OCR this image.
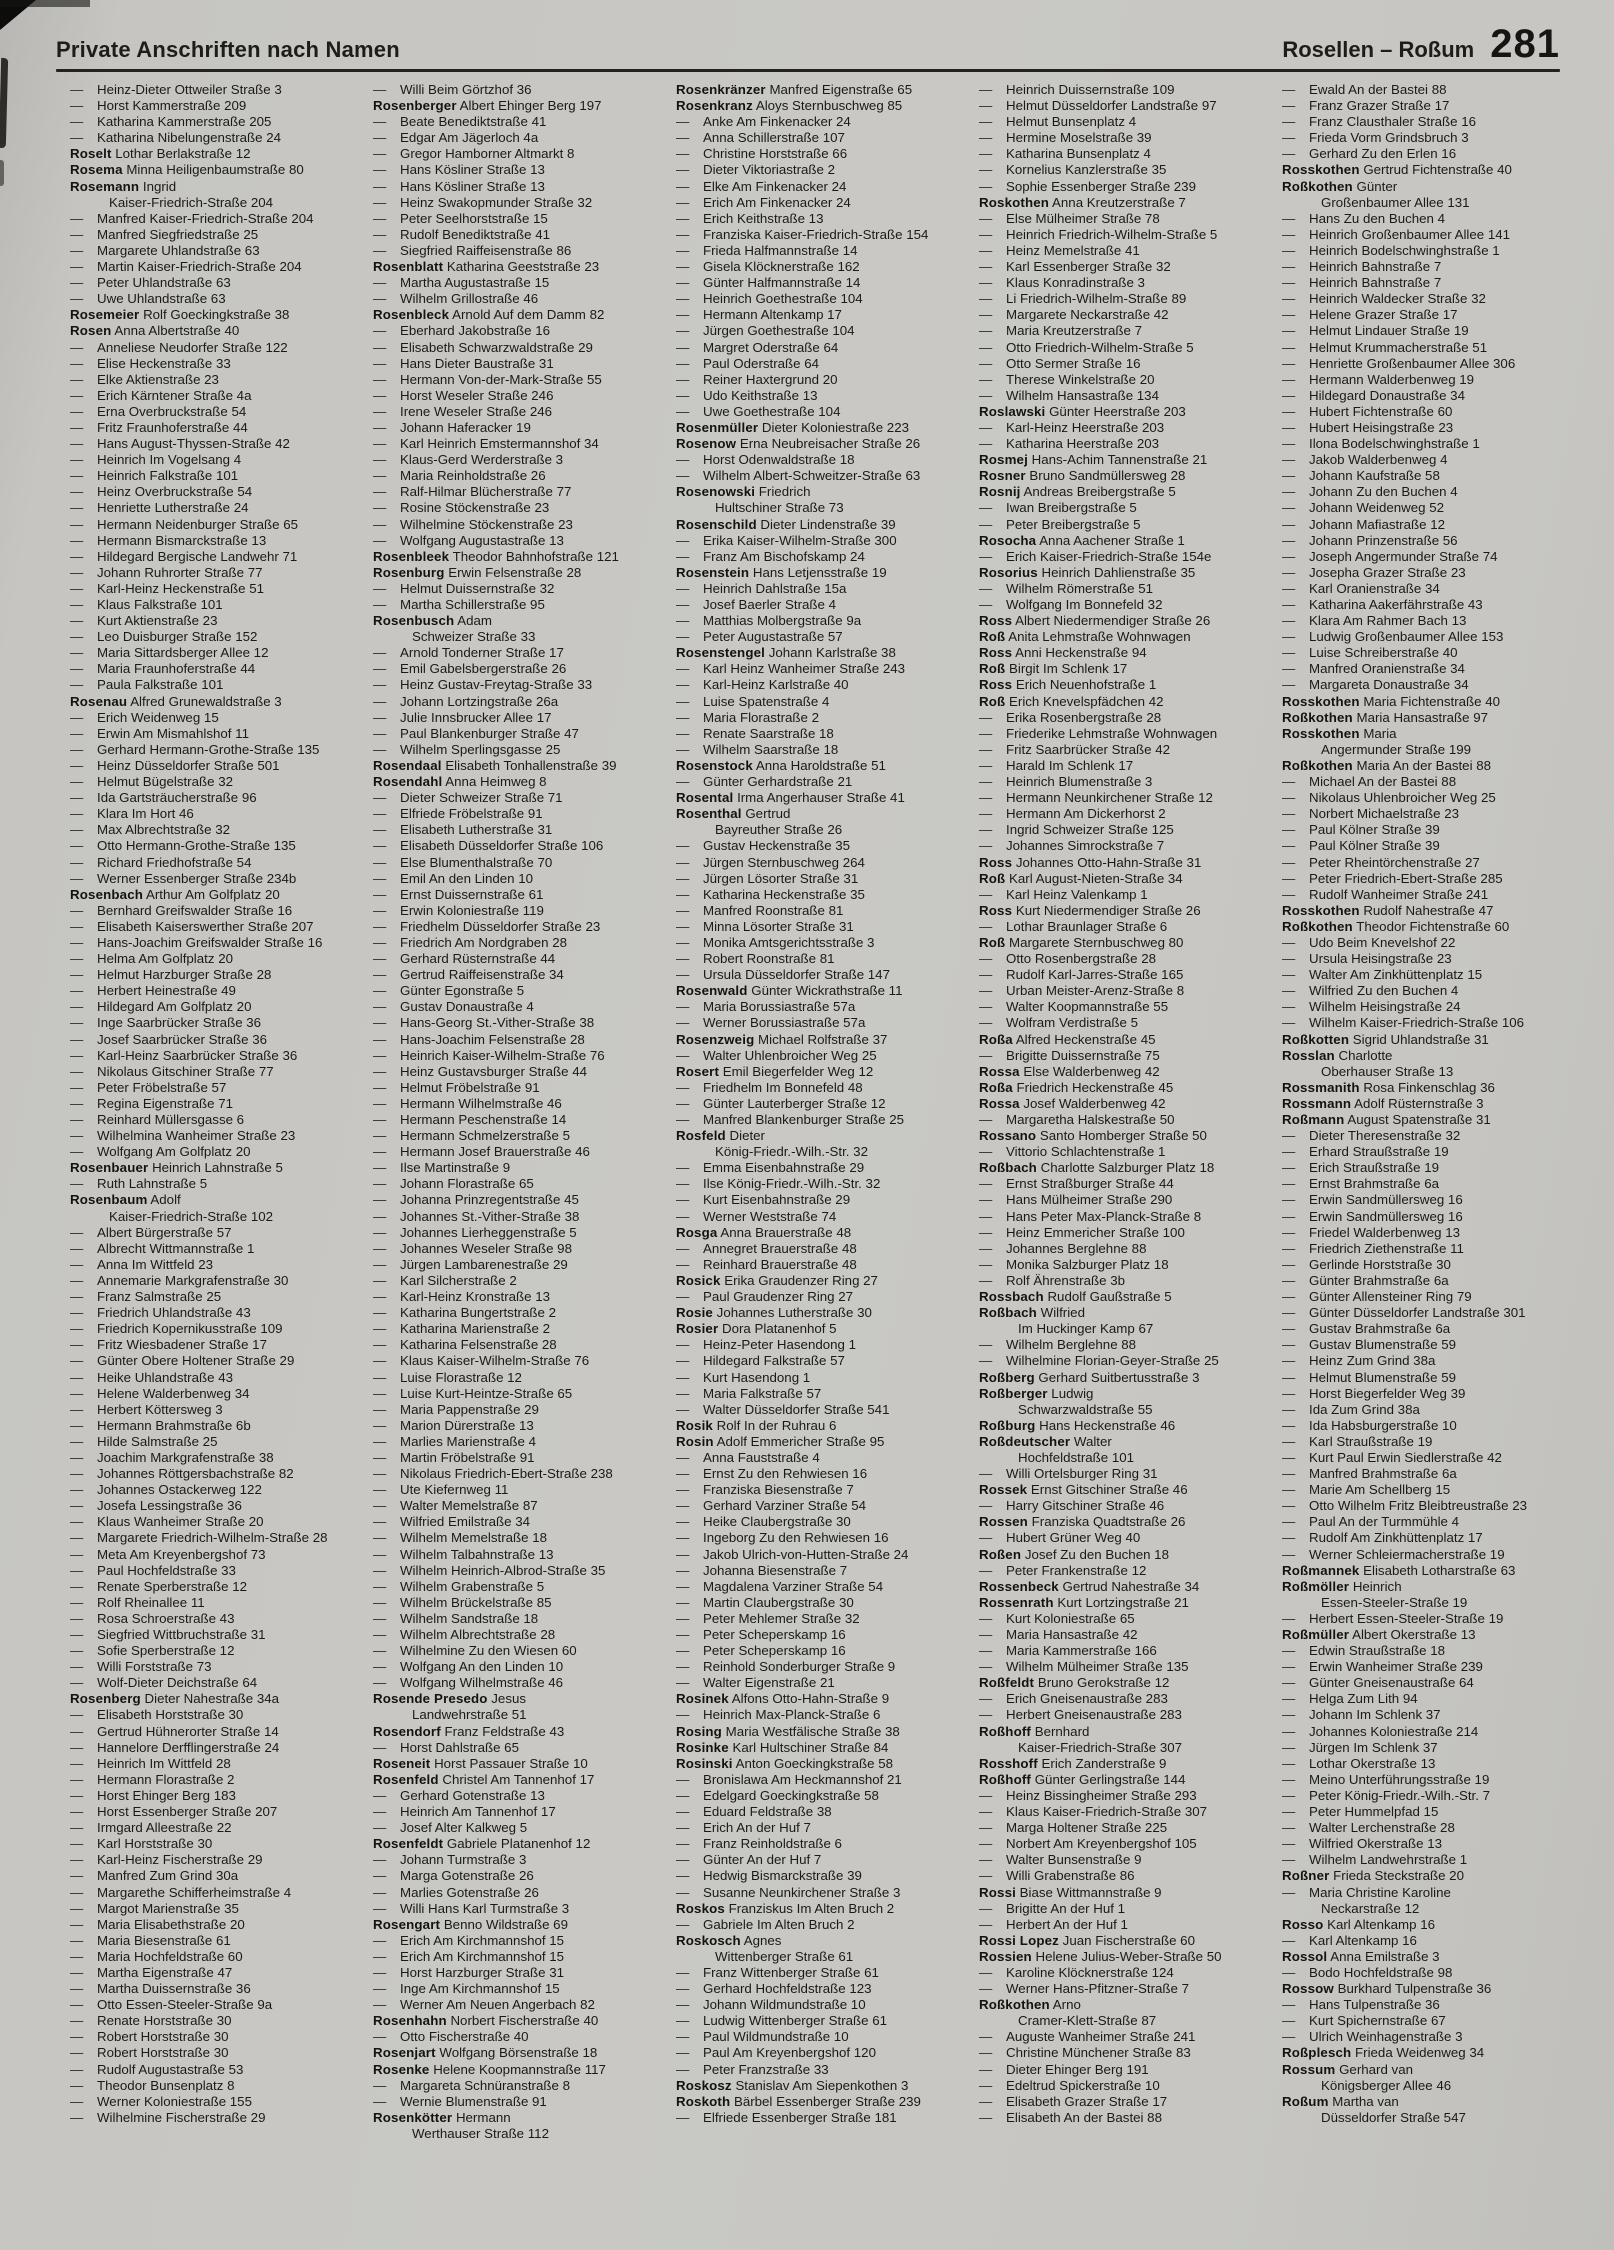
Private Anschriften nach Namen	Rosellen – Roßum 281
— Heinz-Dieter Ottweiler Straße 3
— Horst Kammerstraße 209
— Katharina Kammerstraße 205
— Katharina Nibelungenstraße 24
Roselt Lothar Berlakstraße 12
Rosema Minna Heiligenbaumstraße 80
Rosemann Ingrid
Kaiser-Friedrich-Straße 204
— Manfred Kaiser-Friedrich-Straße 204
— Manfred Siegfriedstraße 25
— Margarete Uhlandstraße 63
— Martin Kaiser-Friedrich-Straße 204
— Peter Uhlandstraße 63
— Uwe Uhlandstraße 63
Rosemeier Rolf Goeckingkstraße 38
Rosen Anna Albertstraße 40
— Anneliese Neudorfer Straße 122
— Elise Heckenstraße 33
— Elke Aktienstraße 23
— Erich Kärntener Straße 4a
— Erna Overbruckstraße 54
— Fritz Fraunhoferstraße 44
— Hans August-Thyssen-Straße 42
— Heinrich Im Vogelsang 4
— Heinrich Falkstraße 101
— Heinz Overbruckstraße 54
— Henriette Lutherstraße 24
— Hermann Neidenburger Straße 65
— Hermann Bismarckstraße 13
— Hildegard Bergische Landwehr 71
— Johann Ruhrorter Straße 77
— Karl-Heinz Heckenstraße 51
— Klaus Falkstraße 101
— Kurt Aktienstraße 23
— Leo Duisburger Straße 152
— Maria Sittardsberger Allee 12
— Maria Fraunhoferstraße 44
— Paula Falkstraße 101
Rosenau Alfred Grunewaldstraße 3
— Erich Weidenweg 15
— Erwin Am Mismahlshof 11
— Gerhard Hermann-Grothe-Straße 135
— Heinz Düsseldorfer Straße 501
— Helmut Bügelstraße 32
— Ida Gartsträucherstraße 96
— Klara Im Hort 46
— Max Albrechtstraße 32
— Otto Hermann-Grothe-Straße 135
— Richard Friedhofstraße 54
— Werner Essenberger Straße 234b
Rosenbach Arthur Am Golfplatz 20
— Bernhard Greifswalder Straße 16
— Elisabeth Kaiserswerther Straße 207
— Hans-Joachim Greifswalder Straße 16
— Helma Am Golfplatz 20
— Helmut Harzburger Straße 28
— Herbert Heinestraße 49
— Hildegard Am Golfplatz 20
— Inge Saarbrücker Straße 36
— Josef Saarbrücker Straße 36
— Karl-Heinz Saarbrücker Straße 36
— Nikolaus Gitschiner Straße 77
— Peter Fröbelstraße 57
— Regina Eigenstraße 71
— Reinhard Müllersgasse 6
— Wilhelmina Wanheimer Straße 23
— Wolfgang Am Golfplatz 20
Rosenbauer Heinrich Lahnstraße 5
— Ruth Lahnstraße 5
Rosenbaum Adolf
Kaiser-Friedrich-Straße 102
— Albert Bürgerstraße 57
— Albrecht Wittmannstraße 1
— Anna Im Wittfeld 23
— Annemarie Markgrafenstraße 30
— Franz Salmstraße 25
— Friedrich Uhlandstraße 43
— Friedrich Kopernikusstraße 109
— Fritz Wiesbadener Straße 17
— Günter Obere Holtener Straße 29
— Heike Uhlandstraße 43
— Helene Walderbenweg 34
— Herbert Köttersweg 3
— Hermann Brahmstraße 6b
— Hilde Salmstraße 25
— Joachim Markgrafenstraße 38
— Johannes Röttgersbachstraße 82
— Johannes Ostackerweg 122
— Josefa Lessingstraße 36
— Klaus Wanheimer Straße 20
— Margarete Friedrich-Wilhelm-Straße 28
— Meta Am Kreyenbergshof 73
— Paul Hochfeldstraße 33
— Renate Sperberstraße 12
— Rolf Rheinallee 11
— Rosa Schroerstraße 43
— Siegfried Wittbruchstraße 31
— Sofie Sperberstraße 12
— Willi Forststraße 73
— Wolf-Dieter Deichstraße 64
Rosenberg Dieter Nahestraße 34a
— Elisabeth Horststraße 30
— Gertrud Hühnerorter Straße 14
— Hannelore Derfflingerstraße 24
— Heinrich Im Wittfeld 28
— Hermann Florastraße 2
— Horst Ehinger Berg 183
— Horst Essenberger Straße 207
— Irmgard Alleestraße 22
— Karl Horststraße 30
— Karl-Heinz Fischerstraße 29
— Manfred Zum Grind 30a
— Margarethe Schifferheimstraße 4
— Margot Marienstraße 35
— Maria Elisabethstraße 20
— Maria Biesenstraße 61
— Maria Hochfeldstraße 60
— Martha Eigenstraße 47
— Martha Duissernstraße 36
— Otto Essen-Steeler-Straße 9a
— Renate Horststraße 30
— Robert Horststraße 30
— Robert Horststraße 30
— Rudolf Augustastraße 53
— Theodor Bunsenplatz 8
— Werner Koloniestraße 155
— Wilhelmine Fischerstraße 29
— Willi Beim Görtzhof 36
Rosenberger Albert Ehinger Berg 197
— Beate Benediktstraße 41
— Edgar Am Jägerloch 4a
— Gregor Hamborner Altmarkt 8
— Hans Kösliner Straße 13
— Hans Kösliner Straße 13
— Heinz Swakopmunder Straße 32
— Peter Seelhorststraße 15
— Rudolf Benediktstraße 41
— Siegfried Raiffeisenstraße 86
Rosenblatt Katharina Geeststraße 23
— Martha Augustastraße 15
— Wilhelm Grillostraße 46
Rosenbleck Arnold Auf dem Damm 82
— Eberhard Jakobstraße 16
— Elisabeth Schwarzwaldstraße 29
— Hans Dieter Baustraße 31
— Hermann Von-der-Mark-Straße 55
— Horst Weseler Straße 246
— Irene Weseler Straße 246
— Johann Haferacker 19
— Karl Heinrich Emstermannshof 34
— Klaus-Gerd Werderstraße 3
— Maria Reinholdstraße 26
— Ralf-Hilmar Blücherstraße 77
— Rosine Stöckenstraße 23
— Wilhelmine Stöckenstraße 23
— Wolfgang Augustastraße 13
Rosenbleek Theodor Bahnhofstraße 121
Rosenburg Erwin Felsenstraße 28
— Helmut Duissernstraße 32
— Martha Schillerstraße 95
Rosenbusch Adam
Schweizer Straße 33
— Arnold Tonderner Straße 17
— Emil Gabelsbergerstraße 26
— Heinz Gustav-Freytag-Straße 33
— Johann Lortzingstraße 26a
— Julie Innsbrucker Allee 17
— Paul Blankenburger Straße 47
— Wilhelm Sperlingsgasse 25
Rosendaal Elisabeth Tonhallenstraße 39
Rosendahl Anna Heimweg 8
— Dieter Schweizer Straße 71
— Elfriede Fröbelstraße 91
— Elisabeth Lutherstraße 31
— Elisabeth Düsseldorfer Straße 106
— Else Blumenthalstraße 70
— Emil An den Linden 10
— Ernst Duissernstraße 61
— Erwin Koloniestraße 119
— Friedhelm Düsseldorfer Straße 23
— Friedrich Am Nordgraben 28
— Gerhard Rüsternstraße 44
— Gertrud Raiffeisenstraße 34
— Günter Egonstraße 5
— Gustav Donaustraße 4
— Hans-Georg St.-Vither-Straße 38
— Hans-Joachim Felsenstraße 28
— Heinrich Kaiser-Wilhelm-Straße 76
— Heinz Gustavsburger Straße 44
— Helmut Fröbelstraße 91
— Hermann Wilhelmstraße 46
— Hermann Peschenstraße 14
— Hermann Schmelzerstraße 5
— Hermann Josef Brauerstraße 46
— Ilse Martinstraße 9
— Johann Florastraße 65
— Johanna Prinzregentstraße 45
— Johannes St.-Vither-Straße 38
— Johannes Lierheggenstraße 5
— Johannes Weseler Straße 98
— Jürgen Lambarenestraße 29
— Karl Silcherstraße 2
— Karl-Heinz Kronstraße 13
— Katharina Bungertstraße 2
— Katharina Marienstraße 2
— Katharina Felsenstraße 28
— Klaus Kaiser-Wilhelm-Straße 76
— Luise Florastraße 12
— Luise Kurt-Heintze-Straße 65
— Maria Pappenstraße 29
— Marion Dürerstraße 13
— Marlies Marienstraße 4
— Martin Fröbelstraße 91
— Nikolaus Friedrich-Ebert-Straße 238
— Ute Kiefernweg 11
— Walter Memelstraße 87
— Wilfried Emilstraße 34
— Wilhelm Memelstraße 18
— Wilhelm Talbahnstraße 13
— Wilhelm Heinrich-Albrod-Straße 35
— Wilhelm Grabenstraße 5
— Wilhelm Brückelstraße 85
— Wilhelm Sandstraße 18
— Wilhelm Albrechtstraße 28
— Wilhelmine Zu den Wiesen 60
— Wolfgang An den Linden 10
— Wolfgang Wilhelmstraße 46
Rosende Presedo Jesus
Landwehrstraße 51
Rosendorf Franz Feldstraße 43
— Horst Dahlstraße 65
Roseneit Horst Passauer Straße 10
Rosenfeld Christel Am Tannenhof 17
— Gerhard Gotenstraße 13
— Heinrich Am Tannenhof 17
— Josef Alter Kalkweg 5
Rosenfeldt Gabriele Platanenhof 12
— Johann Turmstraße 3
— Marga Gotenstraße 26
— Marlies Gotenstraße 26
— Willi Hans Karl Turmstraße 3
Rosengart Benno Wildstraße 69
— Erich Am Kirchmannshof 15
— Erich Am Kirchmannshof 15
— Horst Harzburger Straße 31
— Inge Am Kirchmannshof 15
— Werner Am Neuen Angerbach 82
Rosenhahn Norbert Fischerstraße 40
— Otto Fischerstraße 40
Rosenjart Wolfgang Börsenstraße 18
Rosenke Helene Koopmannstraße 117
— Margareta Schnüranstraße 8
— Wernie Blumenstraße 91
Rosenkötter Hermann
Werthauser Straße 112
Rosenkränzer Manfred Eigenstraße 65
Rosenkranz Aloys Sternbuschweg 85
— Anke Am Finkenacker 24
— Anna Schillerstraße 107
— Christine Horststraße 66
— Dieter Viktoriastraße 2
— Elke Am Finkenacker 24
— Erich Am Finkenacker 24
— Erich Keithstraße 13
— Franziska Kaiser-Friedrich-Straße 154
— Frieda Halfmannstraße 14
— Gisela Klöcknerstraße 162
— Günter Halfmannstraße 14
— Heinrich Goethestraße 104
— Hermann Altenkamp 17
— Jürgen Goethestraße 104
— Margret Oderstraße 64
— Paul Oderstraße 64
— Reiner Haxtergrund 20
— Udo Keithstraße 13
— Uwe Goethestraße 104
Rosenmüller Dieter Koloniestraße 223
Rosenow Erna Neubreisacher Straße 26
— Horst Odenwaldstraße 18
— Wilhelm Albert-Schweitzer-Straße 63
Rosenowski Friedrich
Hultschiner Straße 73
Rosenschild Dieter Lindenstraße 39
— Erika Kaiser-Wilhelm-Straße 300
— Franz Am Bischofskamp 24
Rosenstein Hans Letjensstraße 19
— Heinrich Dahlstraße 15a
— Josef Baerler Straße 4
— Matthias Molbergstraße 9a
— Peter Augustastraße 57
Rosenstengel Johann Karlstraße 38
— Karl Heinz Wanheimer Straße 243
— Karl-Heinz Karlstraße 40
— Luise Spatenstraße 4
— Maria Florastraße 2
— Renate Saarstraße 18
— Wilhelm Saarstraße 18
Rosenstock Anna Haroldstraße 51
— Günter Gerhardstraße 21
Rosental Irma Angerhauser Straße 41
Rosenthal Gertrud
Bayreuther Straße 26
— Gustav Heckenstraße 35
— Jürgen Sternbuschweg 264
— Jürgen Lösorter Straße 31
— Katharina Heckenstraße 35
— Manfred Roonstraße 81
— Minna Lösorter Straße 31
— Monika Amtsgerichtsstraße 3
— Robert Roonstraße 81
— Ursula Düsseldorfer Straße 147
Rosenwald Günter Wickrathstraße 11
— Maria Borussiastraße 57a
— Werner Borussiastraße 57a
Rosenzweig Michael Rolfstraße 37
— Walter Uhlenbroicher Weg 25
Rosert Emil Biegerfelder Weg 12
— Friedhelm Im Bonnefeld 48
— Günter Lauterberger Straße 12
— Manfred Blankenburger Straße 25
Rosfeld Dieter
König-Friedr.-Wilh.-Str. 32
— Emma Eisenbahnstraße 29
— Ilse König-Friedr.-Wilh.-Str. 32
— Kurt Eisenbahnstraße 29
— Werner Weststraße 74
Rosga Anna Brauerstraße 48
— Annegret Brauerstraße 48
— Reinhard Brauerstraße 48
Rosick Erika Graudenzer Ring 27
— Paul Graudenzer Ring 27
Rosie Johannes Lutherstraße 30
Rosier Dora Platanenhof 5
— Heinz-Peter Hasendong 1
— Hildegard Falkstraße 57
— Kurt Hasendong 1
— Maria Falkstraße 57
— Walter Düsseldorfer Straße 541
Rosik Rolf In der Ruhrau 6
Rosin Adolf Emmericher Straße 95
— Anna Fauststraße 4
— Ernst Zu den Rehwiesen 16
— Franziska Biesenstraße 7
— Gerhard Varziner Straße 54
— Heike Claubergstraße 30
— Ingeborg Zu den Rehwiesen 16
— Jakob Ulrich-von-Hutten-Straße 24
— Johanna Biesenstraße 7
— Magdalena Varziner Straße 54
— Martin Claubergstraße 30
— Peter Mehlemer Straße 32
— Peter Scheperskamp 16
— Peter Scheperskamp 16
— Reinhold Sonderburger Straße 9
— Walter Eigenstraße 21
Rosinek Alfons Otto-Hahn-Straße 9
— Heinrich Max-Planck-Straße 6
Rosing Maria Westfälische Straße 38
Rosinke Karl Hultschiner Straße 84
Rosinski Anton Goeckingkstraße 58
— Bronislawa Am Heckmannshof 21
— Edelgard Goeckingkstraße 58
— Eduard Feldstraße 38
— Erich An der Huf 7
— Franz Reinholdstraße 6
— Günter An der Huf 7
— Hedwig Bismarckstraße 39
— Susanne Neunkirchener Straße 3
Roskos Franziskus Im Alten Bruch 2
— Gabriele Im Alten Bruch 2
Roskosch Agnes
Wittenberger Straße 61
— Franz Wittenberger Straße 61
— Gerhard Hochfeldstraße 123
— Johann Wildmundstraße 10
— Ludwig Wittenberger Straße 61
— Paul Wildmundstraße 10
— Paul Am Kreyenbergshof 120
— Peter Franzstraße 33
Roskosz Stanislav Am Siepenkothen 3
Roskoth Bärbel Essenberger Straße 239
— Elfriede Essenberger Straße 181
— Heinrich Duissernstraße 109
— Helmut Düsseldorfer Landstraße 97
— Helmut Bunsenplatz 4
— Hermine Moselstraße 39
— Katharina Bunsenplatz 4
— Kornelius Kanzlerstraße 35
— Sophie Essenberger Straße 239
Roskothen Anna Kreutzerstraße 7
— Else Mülheimer Straße 78
— Heinrich Friedrich-Wilhelm-Straße 5
— Heinz Memelstraße 41
— Karl Essenberger Straße 32
— Klaus Konradinstraße 3
— Li Friedrich-Wilhelm-Straße 89
— Margarete Neckarstraße 42
— Maria Kreutzerstraße 7
— Otto Friedrich-Wilhelm-Straße 5
— Otto Sermer Straße 16
— Therese Winkelstraße 20
— Wilhelm Hansastraße 134
Roslawski Günter Heerstraße 203
— Karl-Heinz Heerstraße 203
— Katharina Heerstraße 203
Rosmej Hans-Achim Tannenstraße 21
Rosner Bruno Sandmüllersweg 28
Rosnij Andreas Breibergstraße 5
— Iwan Breibergstraße 5
— Peter Breibergstraße 5
Rosocha Anna Aachener Straße 1
— Erich Kaiser-Friedrich-Straße 154e
Rosorius Heinrich Dahlienstraße 35
— Wilhelm Römerstraße 51
— Wolfgang Im Bonnefeld 32
Ross Albert Niedermendiger Straße 26
Roß Anita Lehmstraße Wohnwagen
Ross Anni Heckenstraße 94
Roß Birgit Im Schlenk 17
Ross Erich Neuenhofstraße 1
Roß Erich Knevelspfädchen 42
— Erika Rosenbergstraße 28
— Friederike Lehmstraße Wohnwagen
— Fritz Saarbrücker Straße 42
— Harald Im Schlenk 17
— Heinrich Blumenstraße 3
— Hermann Neunkirchener Straße 12
— Hermann Am Dickerhorst 2
— Ingrid Schweizer Straße 125
— Johannes Simrockstraße 7
Ross Johannes Otto-Hahn-Straße 31
Roß Karl August-Nieten-Straße 34
— Karl Heinz Valenkamp 1
Ross Kurt Niedermendiger Straße 26
— Lothar Braunlager Straße 6
Roß Margarete Sternbuschweg 80
— Otto Rosenbergstraße 28
— Rudolf Karl-Jarres-Straße 165
— Urban Meister-Arenz-Straße 8
— Walter Koopmannstraße 55
— Wolfram Verdistraße 5
Roßa Alfred Heckenstraße 45
— Brigitte Duissernstraße 75
Rossa Else Walderbenweg 42
Roßa Friedrich Heckenstraße 45
Rossa Josef Walderbenweg 42
— Margaretha Halskestraße 50
Rossano Santo Homberger Straße 50
— Vittorio Schlachtenstraße 1
Roßbach Charlotte Salzburger Platz 18
— Ernst Straßburger Straße 44
— Hans Mülheimer Straße 290
— Hans Peter Max-Planck-Straße 8
— Heinz Emmericher Straße 100
— Johannes Berglehne 88
— Monika Salzburger Platz 18
— Rolf Ährenstraße 3b
Rossbach Rudolf Gaußstraße 5
Roßbach Wilfried
Im Huckinger Kamp 67
— Wilhelm Berglehne 88
— Wilhelmine Florian-Geyer-Straße 25
Roßberg Gerhard Suitbertusstraße 3
Roßberger Ludwig
Schwarzwaldstraße 55
Roßburg Hans Heckenstraße 46
Roßdeutscher Walter
Hochfeldstraße 101
— Willi Ortelsburger Ring 31
Rossek Ernst Gitschiner Straße 46
— Harry Gitschiner Straße 46
Rossen Franziska Quadtstraße 26
— Hubert Grüner Weg 40
Roßen Josef Zu den Buchen 18
— Peter Frankenstraße 12
Rossenbeck Gertrud Nahestraße 34
Rossenrath Kurt Lortzingstraße 21
— Kurt Koloniestraße 65
— Maria Hansastraße 42
— Maria Kammerstraße 166
— Wilhelm Mülheimer Straße 135
Roßfeldt Bruno Gerokstraße 12
— Erich Gneisenaustraße 283
— Herbert Gneisenaustraße 283
Roßhoff Bernhard
Kaiser-Friedrich-Straße 307
Rosshoff Erich Zanderstraße 9
Roßhoff Günter Gerlingstraße 144
— Heinz Bissingheimer Straße 293
— Klaus Kaiser-Friedrich-Straße 307
— Marga Holtener Straße 225
— Norbert Am Kreyenbergshof 105
— Walter Bunsenstraße 9
— Willi Grabenstraße 86
Rossi Biase Wittmannstraße 9
— Brigitte An der Huf 1
— Herbert An der Huf 1
Rossi Lopez Juan Fischerstraße 60
Rossien Helene Julius-Weber-Straße 50
— Karoline Klöcknerstraße 124
— Werner Hans-Pfitzner-Straße 7
Roßkothen Arno
Cramer-Klett-Straße 87
— Auguste Wanheimer Straße 241
— Christine Münchener Straße 83
— Dieter Ehinger Berg 191
— Edeltrud Spickerstraße 10
— Elisabeth Grazer Straße 17
— Elisabeth An der Bastei 88
— Ewald An der Bastei 88
— Franz Grazer Straße 17
— Franz Clausthaler Straße 16
— Frieda Vorm Grindsbruch 3
— Gerhard Zu den Erlen 16
Rosskothen Gertrud Fichtenstraße 40
Roßkothen Günter
Großenbaumer Allee 131
— Hans Zu den Buchen 4
— Heinrich Großenbaumer Allee 141
— Heinrich Bodelschwinghstraße 1
— Heinrich Bahnstraße 7
— Heinrich Bahnstraße 7
— Heinrich Waldecker Straße 32
— Helene Grazer Straße 17
— Helmut Lindauer Straße 19
— Helmut Krummacherstraße 51
— Henriette Großenbaumer Allee 306
— Hermann Walderbenweg 19
— Hildegard Donaustraße 34
— Hubert Fichtenstraße 60
— Hubert Heisingstraße 23
— Ilona Bodelschwinghstraße 1
— Jakob Walderbenweg 4
— Johann Kaufstraße 58
— Johann Zu den Buchen 4
— Johann Weidenweg 52
— Johann Mafiastraße 12
— Johann Prinzenstraße 56
— Joseph Angermunder Straße 74
— Josepha Grazer Straße 23
— Karl Oranienstraße 34
— Katharina Aakerfährstraße 43
— Klara Am Rahmer Bach 13
— Ludwig Großenbaumer Allee 153
— Luise Schreiberstraße 40
— Manfred Oranienstraße 34
— Margareta Donaustraße 34
Rosskothen Maria Fichtenstraße 40
Roßkothen Maria Hansastraße 97
Rosskothen Maria
Angermunder Straße 199
Roßkothen Maria An der Bastei 88
— Michael An der Bastei 88
— Nikolaus Uhlenbroicher Weg 25
— Norbert Michaelstraße 23
— Paul Kölner Straße 39
— Paul Kölner Straße 39
— Peter Rheintörchenstraße 27
— Peter Friedrich-Ebert-Straße 285
— Rudolf Wanheimer Straße 241
Rosskothen Rudolf Nahestraße 47
Roßkothen Theodor Fichtenstraße 60
— Udo Beim Knevelshof 22
— Ursula Heisingstraße 23
— Walter Am Zinkhüttenplatz 15
— Wilfried Zu den Buchen 4
— Wilhelm Heisingstraße 24
— Wilhelm Kaiser-Friedrich-Straße 106
Roßkotten Sigrid Uhlandstraße 31
Rosslan Charlotte
Oberhauser Straße 13
Rossmanith Rosa Finkenschlag 36
Rossmann Adolf Rüsternstraße 3
Roßmann August Spatenstraße 31
— Dieter Theresenstraße 32
— Erhard Straußstraße 19
— Erich Straußstraße 19
— Ernst Brahmstraße 6a
— Erwin Sandmüllersweg 16
— Erwin Sandmüllersweg 16
— Friedel Walderbenweg 13
— Friedrich Ziethenstraße 11
— Gerlinde Horststraße 30
— Günter Brahmstraße 6a
— Günter Allensteiner Ring 79
— Günter Düsseldorfer Landstraße 301
— Gustav Brahmstraße 6a
— Gustav Blumenstraße 59
— Heinz Zum Grind 38a
— Helmut Blumenstraße 59
— Horst Biegerfelder Weg 39
— Ida Zum Grind 38a
— Ida Habsburgerstraße 10
— Karl Straußstraße 19
— Kurt Paul Erwin Siedlerstraße 42
— Manfred Brahmstraße 6a
— Marie Am Schellberg 15
— Otto Wilhelm Fritz Bleibtreustraße 23
— Paul An der Turmmühle 4
— Rudolf Am Zinkhüttenplatz 17
— Werner Schleiermacherstraße 19
Roßmannek Elisabeth Lotharstraße 63
Roßmöller Heinrich
Essen-Steeler-Straße 19
— Herbert Essen-Steeler-Straße 19
Roßmüller Albert Okerstraße 13
— Edwin Straußstraße 18
— Erwin Wanheimer Straße 239
— Günter Gneisenaustraße 64
— Helga Zum Lith 94
— Johann Im Schlenk 37
— Johannes Koloniestraße 214
— Jürgen Im Schlenk 37
— Lothar Okerstraße 13
— Meino Unterführungsstraße 19
— Peter König-Friedr.-Wilh.-Str. 7
— Peter Hummelpfad 15
— Walter Lerchenstraße 28
— Wilfried Okerstraße 13
— Wilhelm Landwehrstraße 1
Roßner Frieda Steckstraße 20
— Maria Christine Karoline
Neckarstraße 12
Rosso Karl Altenkamp 16
— Karl Altenkamp 16
Rossol Anna Emilstraße 3
— Bodo Hochfeldstraße 98
Rossow Burkhard Tulpenstraße 36
— Hans Tulpenstraße 36
— Kurt Spichernstraße 67
— Ulrich Weinhagenstraße 3
Roßplesch Frieda Weidenweg 34
Rossum Gerhard van
Königsberger Allee 46
Roßum Martha van
Düsseldorfer Straße 547
